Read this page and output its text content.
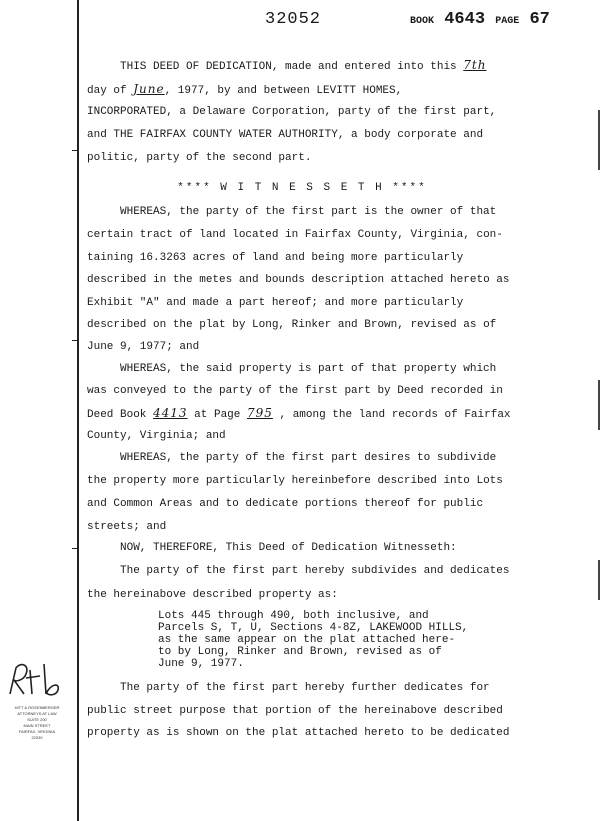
32052	BOOK 4643 PAGE 67
THIS DEED OF DEDICATION, made and entered into this 7th
day of June, 1977, by and between LEVITT HOMES,
INCORPORATED, a Delaware Corporation, party of the first part,
and THE FAIRFAX COUNTY WATER AUTHORITY, a body corporate and
politic, party of the second part.
**** W I T N E S S E T H ****
WHEREAS, the party of the first part is the owner of that
certain tract of land located in Fairfax County, Virginia, con-
taining 16.3263 acres of land and being more particularly
described in the metes and bounds description attached hereto as
Exhibit "A" and made a part hereof; and more particularly
described on the plat by Long, Rinker and Brown, revised as of
June 9, 1977; and
WHEREAS, the said property is part of that property which
was conveyed to the party of the first part by Deed recorded in
Deed Book 4413 at Page 795 , among the land records of Fairfax
County, Virginia; and
WHEREAS, the party of the first part desires to subdivide
the property more particularly hereinbefore described into Lots
and Common Areas and to dedicate portions thereof for public
streets; and
NOW, THEREFORE, This Deed of Dedication Witnesseth:
The party of the first part hereby subdivides and dedicates
the hereinabove described property as:
Lots 445 through 490, both inclusive, and
Parcels S, T, U, Sections 4-8Z, LAKEWOOD HILLS,
as the same appear on the plat attached here-
to by Long, Rinker and Brown, revised as of
June 9, 1977.
The party of the first part hereby further dedicates for
public street purpose that portion of the hereinabove described
property as is shown on the plat attached hereto to be dedicated
HITT & ROSENBERGER
ATTORNEYS AT LAW
SUITE 200
MAIN STREET
FAIRFAX, VIRGINIA
22030
